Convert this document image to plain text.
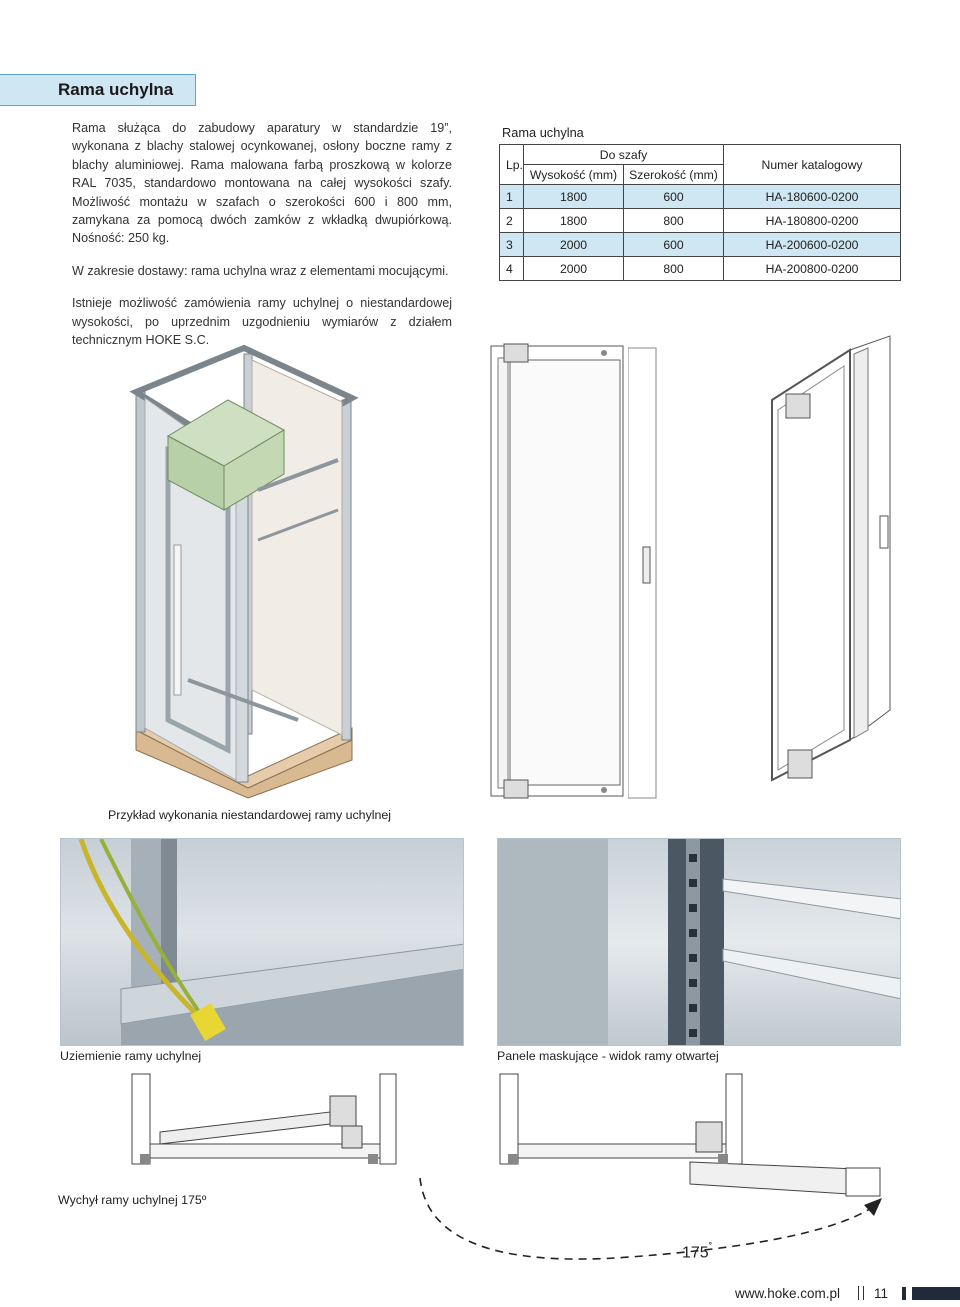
Rama uchylna

Rama służąca do zabudowy aparatury w standardzie 19”, wykonana z blachy stalowej ocynkowanej, osłony boczne ramy z blachy aluminiowej. Rama malowana farbą proszkową w kolorze RAL 7035, standardowo montowana na całej wysokości szafy. Możliwość montażu w szafach o szerokości 600 i 800 mm, zamykana za pomocą dwóch zamków z wkładką dwupiórkową. Nośność: 250 kg.

W zakresie dostawy: rama uchylna wraz z elementami mocującymi.

Istnieje możliwość zamówienia ramy uchylnej o niestandardowej wysokości, po uprzednim uzgodnieniu wymiarów z działem technicznym HOKE S.C.

Rama uchylna
Lp.	Do szafy		Numer katalogowy
	Wysokość (mm)	Szerokość (mm)	
1	1800	600	HA-180600-0200
2	1800	800	HA-180800-0200
3	2000	600	HA-200600-0200
4	2000	800	HA-200800-0200
Przykład wykonania niestandardowej ramy uchylnej
Uziemienie ramy uchylnej	Panele maskujące - widok ramy otwartej
Wychył ramy uchylnej 175º
175˚
www.hoke.com.pl	11
